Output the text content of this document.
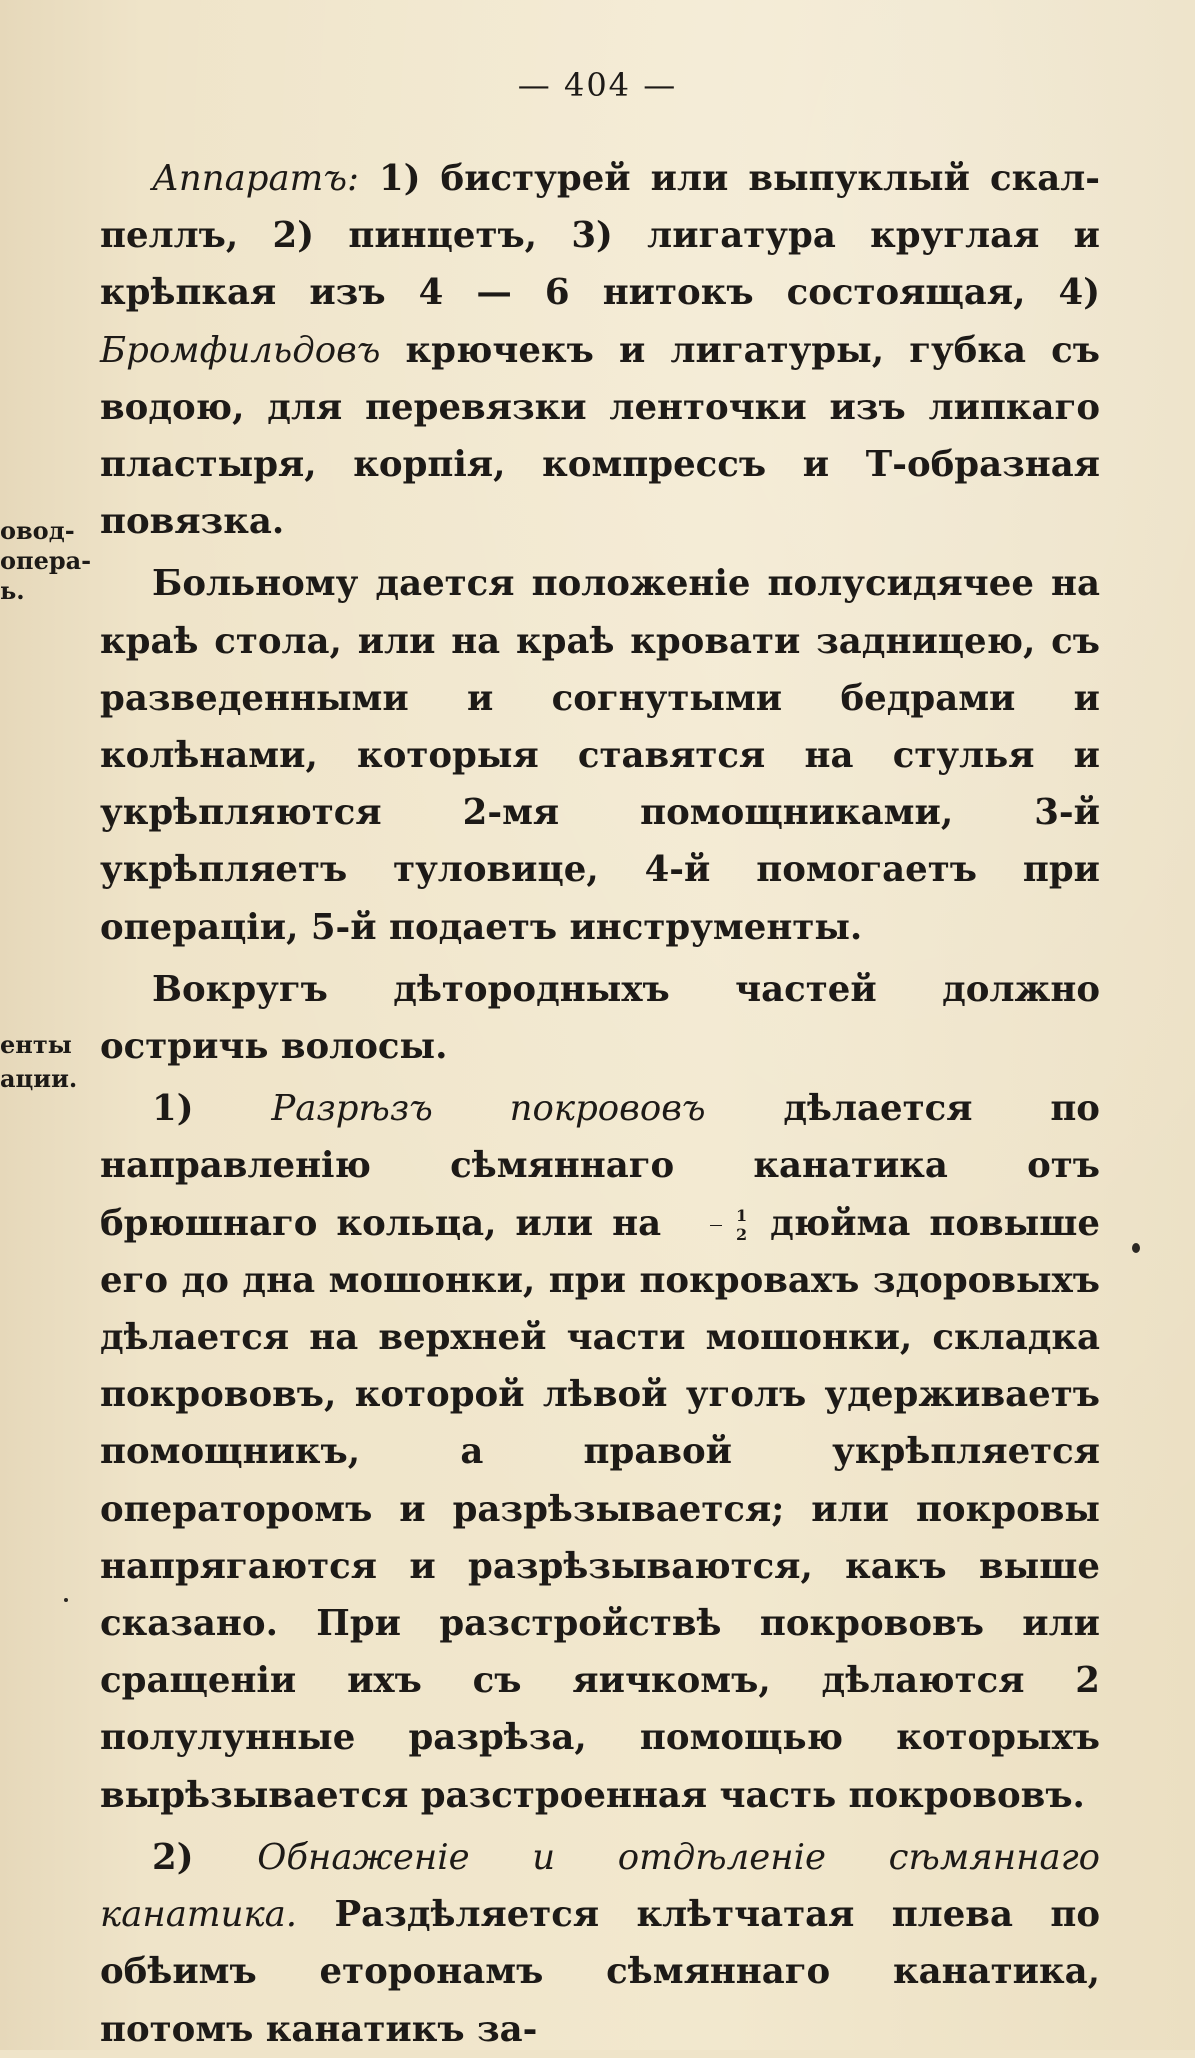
— 404 —
овод-
опера-
ь.
енты
ации.

Аппаратъ: 1) бистурей или выпуклый скал-пеллъ, 2) пинцетъ, 3) лигатура круглая и крѣпкая изъ 4 — 6 нитокъ состоящая, 4) Бромфильдовъ крючекъ и лигатуры, губка съ водою, для перевязки ленточки изъ липкаго пластыря, корпія, компрессъ и Т-образная повязка.

Больному дается положеніе полусидячее на краѣ стола, или на краѣ кровати задницею, съ разведенными и согнутыми бедрами и колѣнами, которыя ставятся на стулья и укрѣпляются 2-мя помощниками, 3-й укрѣпляетъ туловице, 4-й помогаетъ при операціи, 5-й подаетъ инструменты.

Вокругъ дѣтородныхъ частей должно остричь волосы.

1) Разрѣзъ покрововъ дѣлается по направленію сѣмяннаго канатика отъ брюшнаго кольца, или на $\frac{1}{2}$ дюйма повыше его до дна мошонки, при покровахъ здоровыхъ дѣлается на верхней части мошонки, складка покрововъ, которой лѣвой уголъ удерживаетъ помощникъ, а правой укрѣпляется операторомъ и разрѣзывается; или покровы напрягаются и разрѣзываются, какъ выше сказано. При разстройствѣ покрововъ или сращеніи ихъ съ яичкомъ, дѣлаются 2 полулунные разрѣза, помощью которыхъ вырѣзывается разстроенная часть покрововъ.

2) Обнаженіе и отдѣленіе сѣмяннаго канатика. Раздѣляется клѣтчатая плева по обѣимъ еторонамъ сѣмяннаго канатика, потомъ канатикъ за-
